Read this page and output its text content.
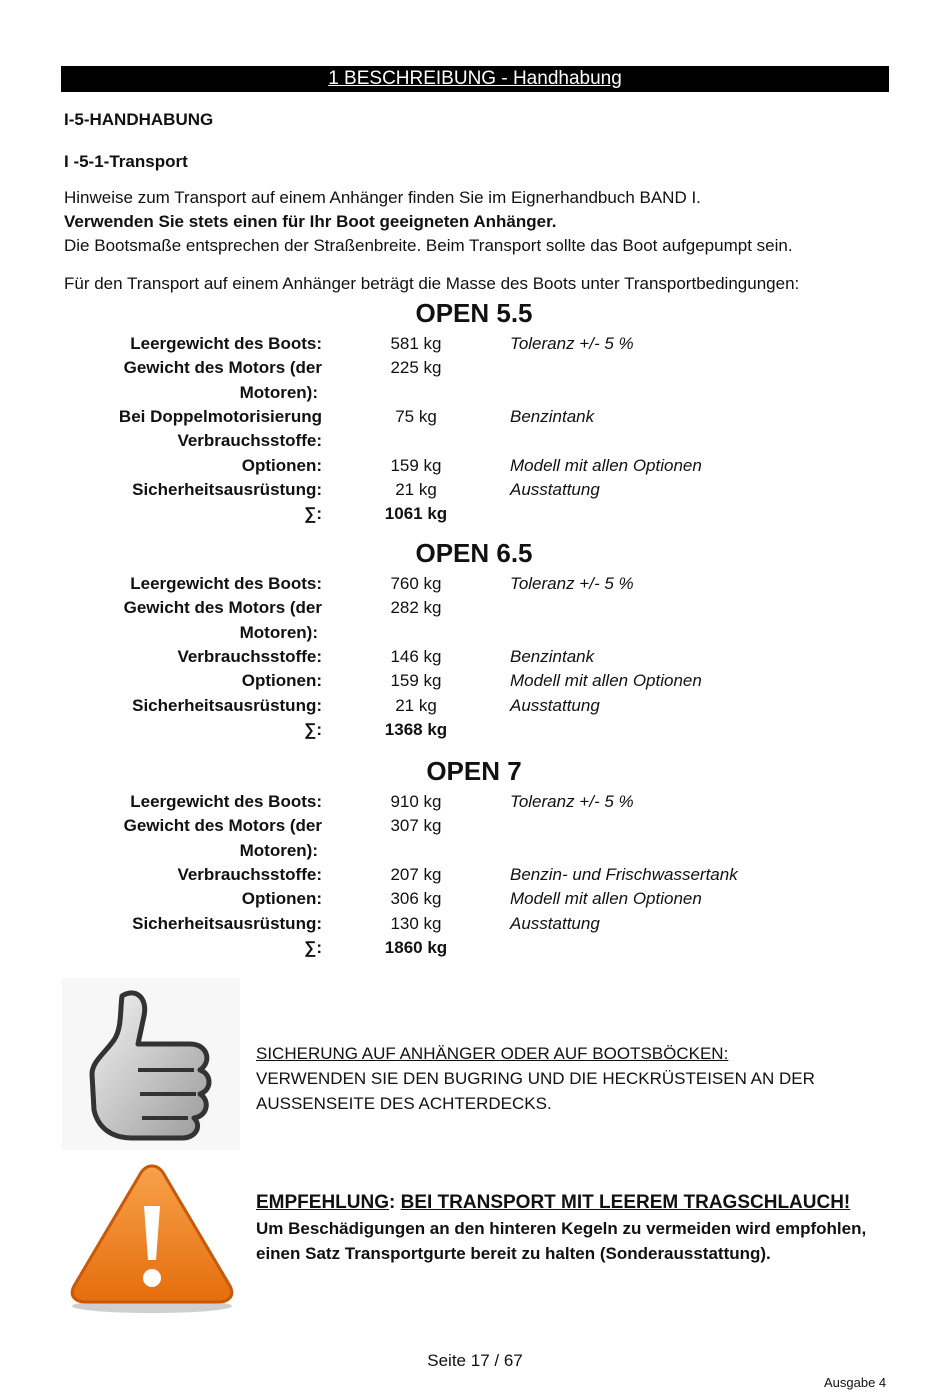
1 BESCHREIBUNG - Handhabung
I-5-HANDHABUNG
I -5-1-Transport
Hinweise zum Transport auf einem Anhänger finden Sie im Eignerhandbuch BAND I.
Verwenden Sie stets einen für Ihr Boot geeigneten Anhänger.
Die Bootsmaße entsprechen der Straßenbreite. Beim Transport sollte das Boot aufgepumpt sein.
Für den Transport auf einem Anhänger beträgt die Masse des Boots unter Transportbedingungen:
OPEN 5.5
Leergewicht des Boots:	581 kg	Toleranz +/- 5 %
Gewicht des Motors (der	225 kg
Motoren):
Bei Doppelmotorisierung	75 kg	Benzintank
Verbrauchsstoffe:
Optionen:	159 kg	Modell mit allen Optionen
Sicherheitsausrüstung:	21 kg	Ausstattung
∑:	1061 kg
OPEN 6.5
Leergewicht des Boots:	760 kg	Toleranz +/- 5 %
Gewicht des Motors (der	282 kg
Motoren):
Verbrauchsstoffe:	146 kg	Benzintank
Optionen:	159 kg	Modell mit allen Optionen
Sicherheitsausrüstung:	21 kg	Ausstattung
∑:	1368 kg
OPEN 7
Leergewicht des Boots:	910 kg	Toleranz +/- 5 %
Gewicht des Motors (der	307 kg
Motoren):
Verbrauchsstoffe:	207 kg	Benzin- und Frischwassertank
Optionen:	306 kg	Modell mit allen Optionen
Sicherheitsausrüstung:	130 kg	Ausstattung
∑:	1860 kg
SICHERUNG AUF ANHÄNGER ODER AUF BOOTSBÖCKEN:
VERWENDEN SIE DEN BUGRING UND DIE HECKRÜSTEISEN AN DER
AUSSENSEITE DES ACHTERDECKS.
EMPFEHLUNG: BEI TRANSPORT MIT LEEREM TRAGSCHLAUCH!
Um Beschädigungen an den hinteren Kegeln zu vermeiden wird empfohlen,
einen Satz Transportgurte bereit zu halten (Sonderausstattung).
Seite 17 / 67
Ausgabe 4
